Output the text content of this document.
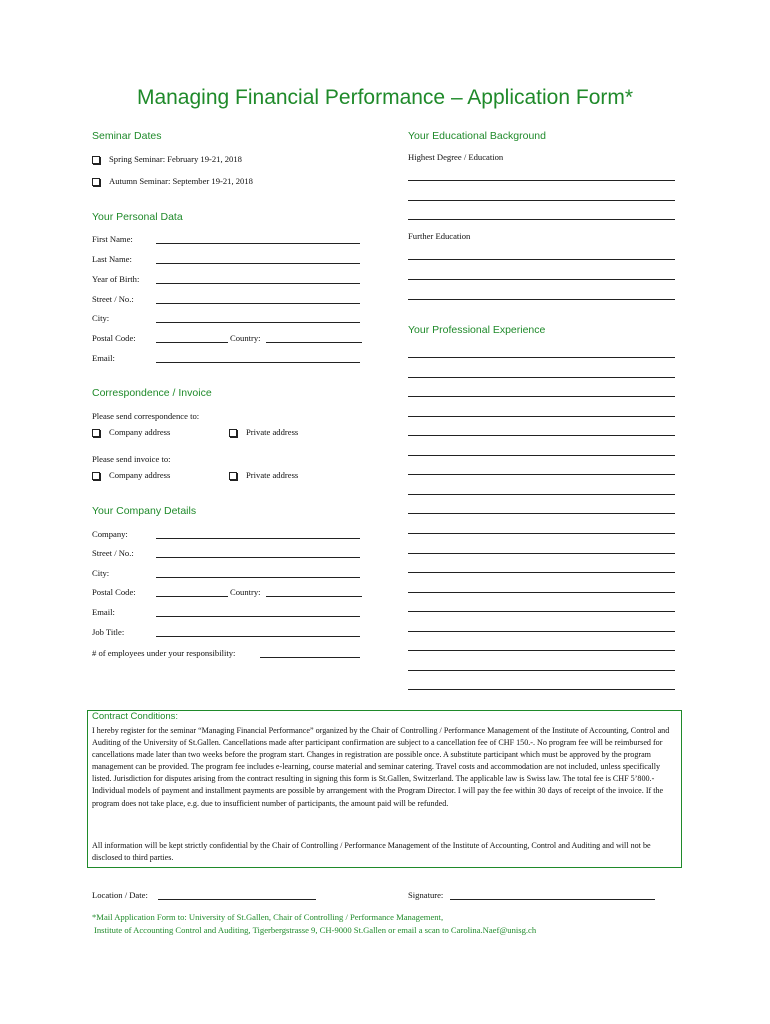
Managing Financial Performance – Application Form*
Seminar Dates
Spring Seminar: February 19-21, 2018
Autumn Seminar: September 19-21, 2018
Your Personal Data
First Name:
Last Name:
Year of Birth:
Street / No.:
City:
Postal Code:	Country:
Email:
Correspondence / Invoice
Please send correspondence to:
Company address	Private address
Please send invoice to:
Company address	Private address
Your Company Details
Company:
Street / No.:
City:
Postal Code:	Country:
Email:
Job Title:
# of employees under your responsibility:
Your Educational Background
Highest Degree / Education
Further Education
Your Professional Experience
Contract Conditions:
I hereby register for the seminar “Managing Financial Performance” organized by the Chair of Controlling / Performance Management of the Institute of Accounting, Control and Auditing of the University of St.Gallen. Cancellations made after participant confirmation are subject to a cancellation fee of CHF 150.-. No program fee will be reimbursed for cancellations made later than two weeks before the program start. Changes in registration are possible once. A substitute participant which must be approved by the program management can be provided. The program fee includes e-learning, course material and seminar catering. Travel costs and accommodation are not included, unless specifically listed. Jurisdiction for disputes arising from the contract resulting in signing this form is St.Gallen, Switzerland. The applicable law is Swiss law. The total fee is CHF 5’800.- Individual models of payment and installment payments are possible by arrangement with the Program Director. I will pay the fee within 30 days of receipt of the invoice. If the program does not take place, e.g. due to insufficient number of participants, the amount paid will be refunded.
All information will be kept strictly confidential by the Chair of Controlling / Performance Management of the Institute of Accounting, Control and Auditing and will not be disclosed to third parties.
Location / Date:	Signature:
*Mail Application Form to: University of St.Gallen, Chair of Controlling / Performance Management,
Institute of Accounting Control and Auditing, Tigerbergstrasse 9, CH-9000 St.Gallen or email a scan to Carolina.Naef@unisg.ch
